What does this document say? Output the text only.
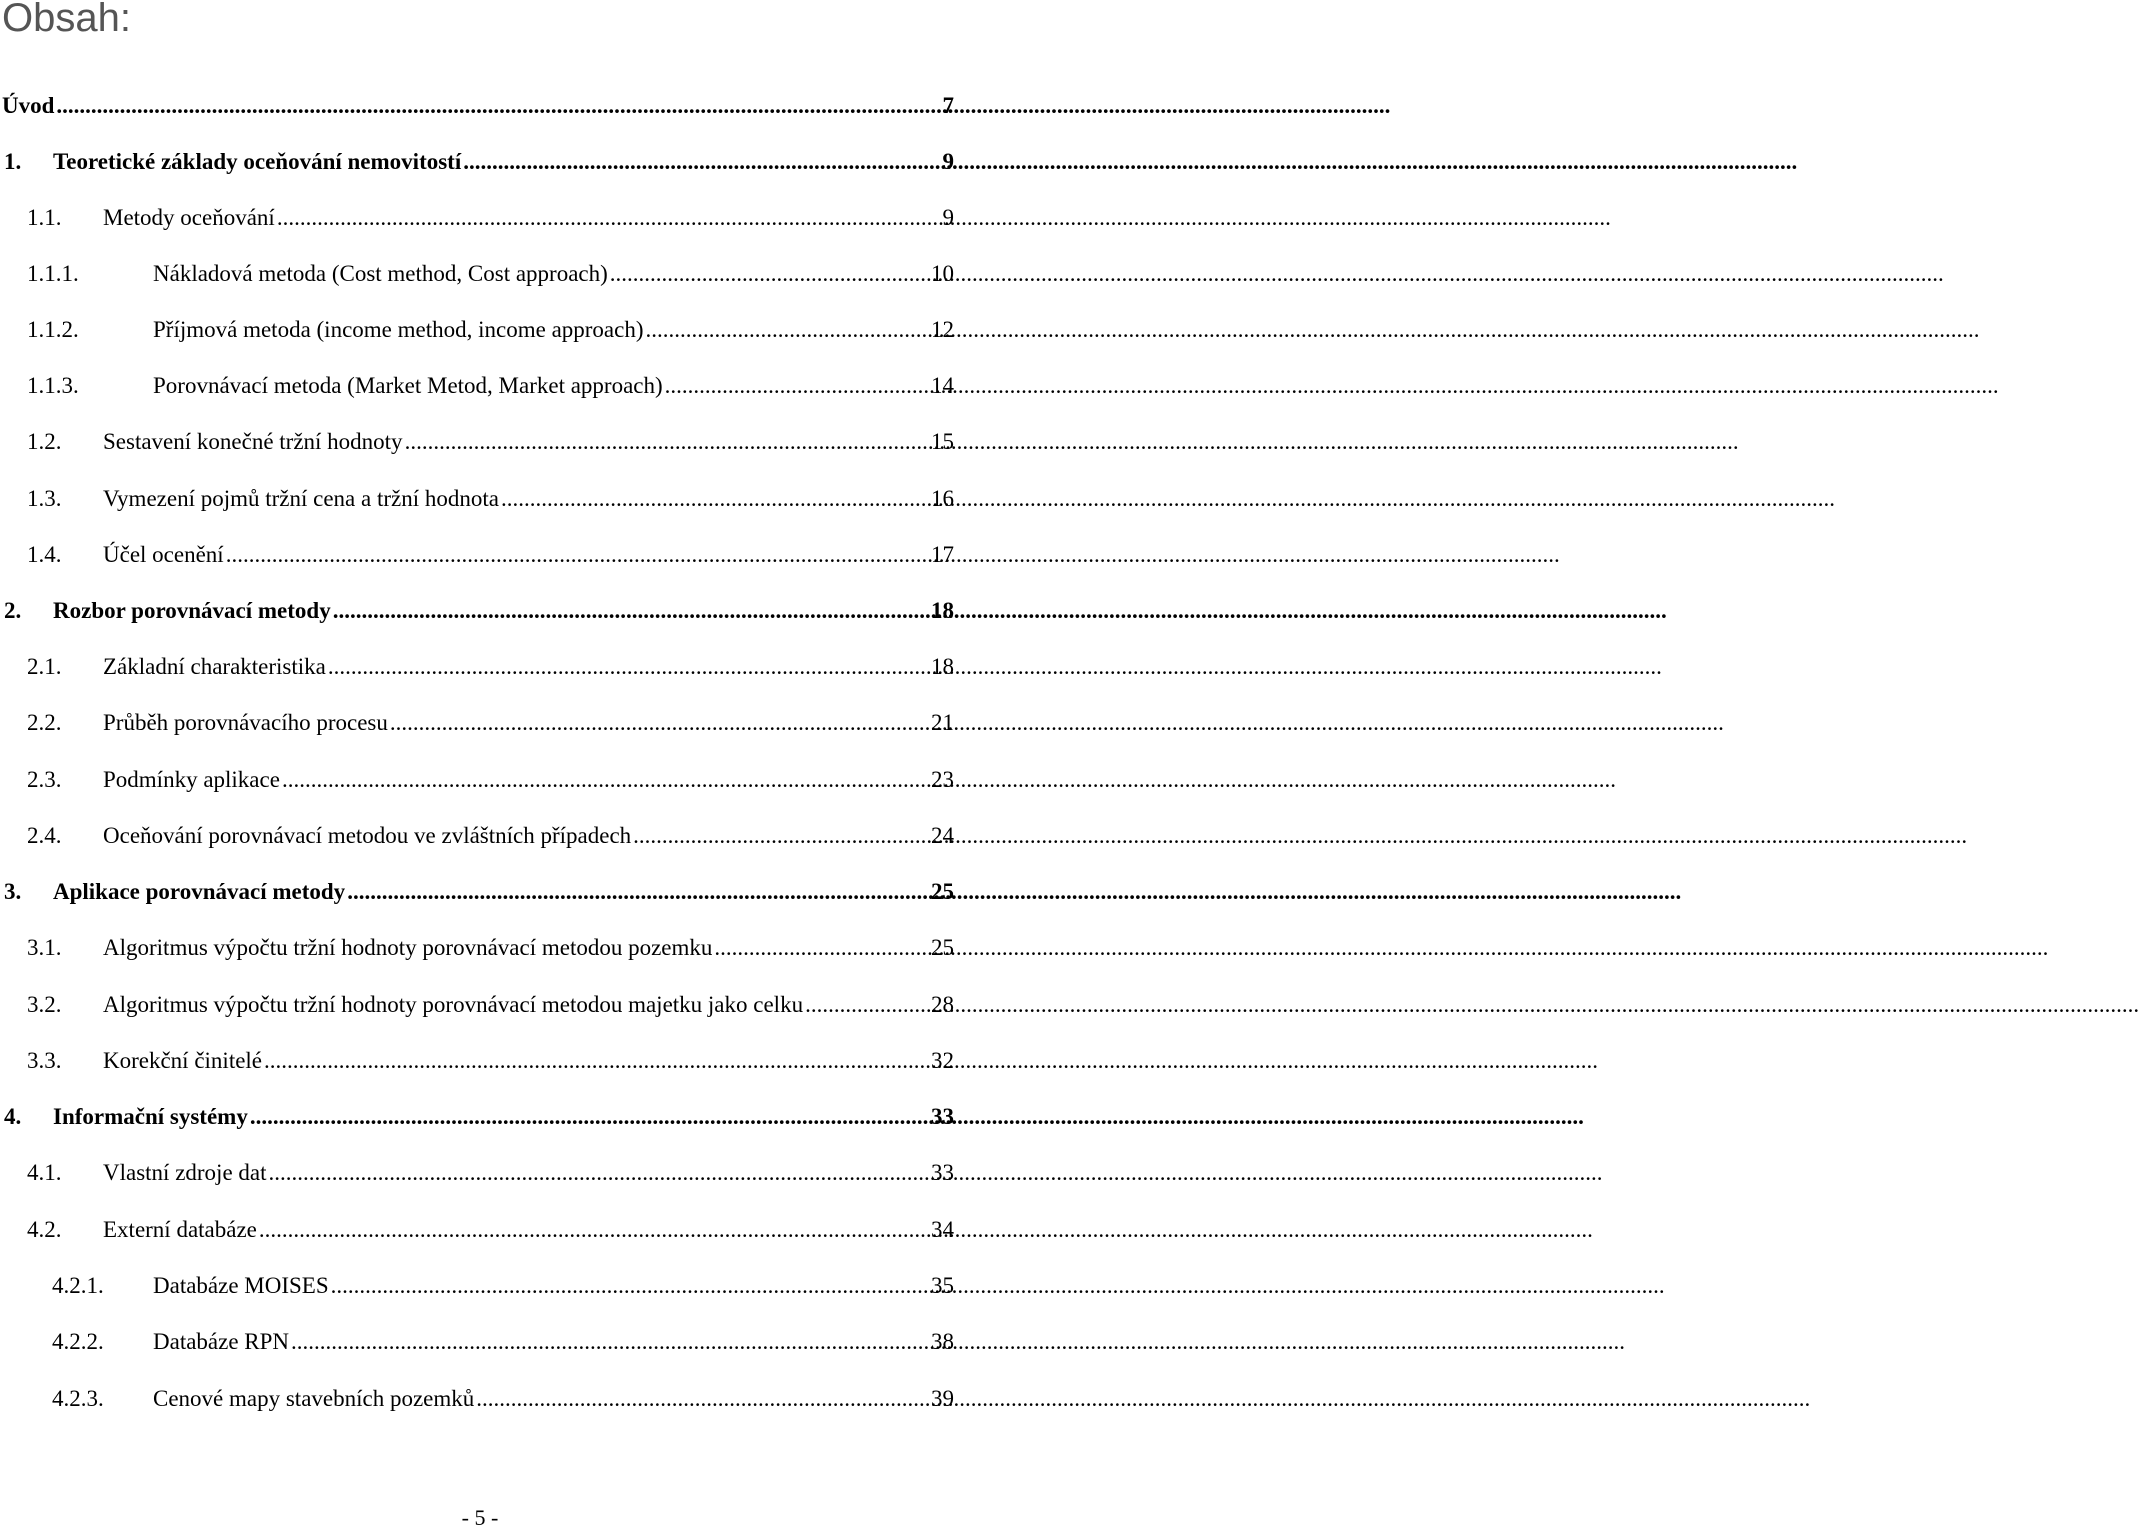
Obsah:
Úvod .....	7
1.	Teoretické základy oceňování nemovitostí .....	9
1.1.	Metody oceňování .....	9
1.1.1.	Nákladová metoda (Cost method, Cost approach) .....	10
1.1.2.	Příjmová metoda (income method, income approach) .....	12
1.1.3.	Porovnávací metoda (Market Metod, Market approach) .....	14
1.2.	Sestavení konečné tržní hodnoty .....	15
1.3.	Vymezení pojmů tržní cena a tržní hodnota .....	16
1.4.	Účel ocenění .....	17
2.	Rozbor porovnávací metody .....	18
2.1.	Základní charakteristika .....	18
2.2.	Průběh porovnávacího procesu .....	21
2.3.	Podmínky aplikace .....	23
2.4.	Oceňování porovnávací metodou ve zvláštních případech .....	24
3.	Aplikace porovnávací metody .....	25
3.1.	Algoritmus výpočtu tržní hodnoty porovnávací metodou pozemku .....	25
3.2.	Algoritmus výpočtu tržní hodnoty porovnávací metodou majetku jako celku .....	28
3.3.	Korekční činitelé .....	32
4.	Informační systémy .....	33
4.1.	Vlastní zdroje dat .....	33
4.2.	Externí databáze .....	34
4.2.1.	Databáze MOISES .....	35
4.2.2.	Databáze RPN .....	38
4.2.3.	Cenové mapy stavebních pozemků .....	39
- 5 -
